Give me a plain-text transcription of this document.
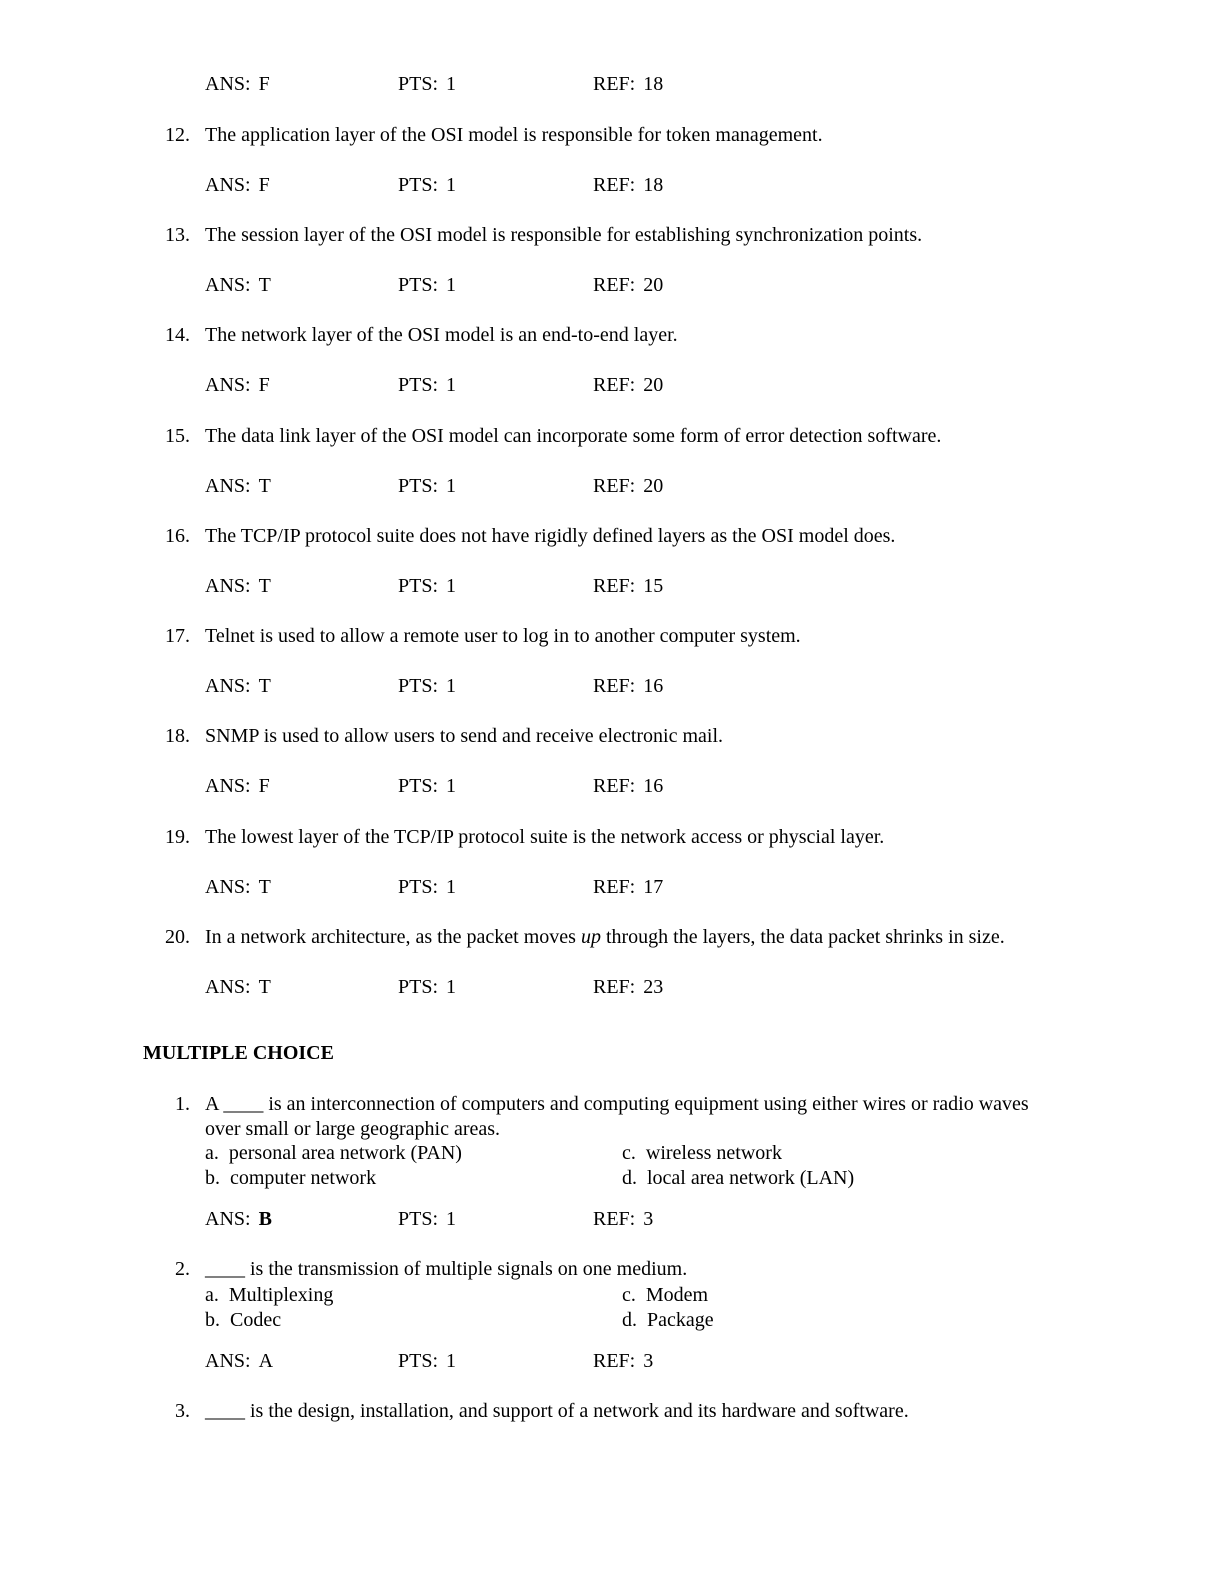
ANS: F	PTS: 1	REF: 18
12. The application layer of the OSI model is responsible for token management.
ANS: F	PTS: 1	REF: 18
13. The session layer of the OSI model is responsible for establishing synchronization points.
ANS: T	PTS: 1	REF: 20
14. The network layer of the OSI model is an end-to-end layer.
ANS: F	PTS: 1	REF: 20
15. The data link layer of the OSI model can incorporate some form of error detection software.
ANS: T	PTS: 1	REF: 20
16. The TCP/IP protocol suite does not have rigidly defined layers as the OSI model does.
ANS: T	PTS: 1	REF: 15
17. Telnet is used to allow a remote user to log in to another computer system.
ANS: T	PTS: 1	REF: 16
18. SNMP is used to allow users to send and receive electronic mail.
ANS: F	PTS: 1	REF: 16
19. The lowest layer of the TCP/IP protocol suite is the network access or physcial layer.
ANS: T	PTS: 1	REF: 17
20. In a network architecture, as the packet moves up through the layers, the data packet shrinks in size.
ANS: T	PTS: 1	REF: 23
MULTIPLE CHOICE
1. A ____ is an interconnection of computers and computing equipment using either wires or radio waves
over small or large geographic areas.
a. personal area network (PAN)	c. wireless network
b. computer network	d. local area network (LAN)
ANS: B	PTS: 1	REF: 3
2. ____ is the transmission of multiple signals on one medium.
a. Multiplexing	c. Modem
b. Codec	d. Package
ANS: A	PTS: 1	REF: 3
3. ____ is the design, installation, and support of a network and its hardware and software.
